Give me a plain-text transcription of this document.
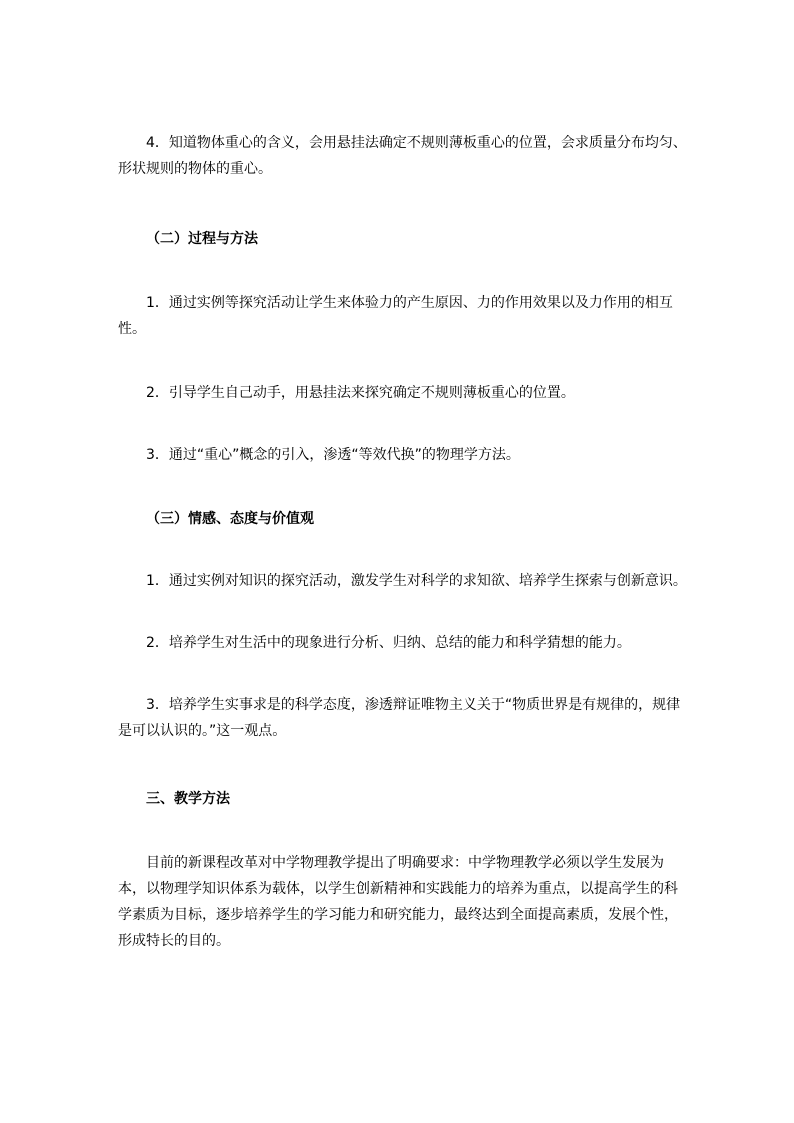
4．知道物体重心的含义，会用悬挂法确定不规则薄板重心的位置，会求质量分布均匀、形状规则的物体的重心。

（二）过程与方法

1．通过实例等探究活动让学生来体验力的产生原因、力的作用效果以及力作用的相互性。

2．引导学生自己动手，用悬挂法来探究确定不规则薄板重心的位置。

3．通过“重心”概念的引入，渗透“等效代换”的物理学方法。

（三）情感、态度与价值观

1．通过实例对知识的探究活动，激发学生对科学的求知欲、培养学生探索与创新意识。

2．培养学生对生活中的现象进行分析、归纳、总结的能力和科学猜想的能力。

3．培养学生实事求是的科学态度，渗透辩证唯物主义关于“物质世界是有规律的，规律是可以认识的。”这一观点。

三、教学方法

目前的新课程改革对中学物理教学提出了明确要求：中学物理教学必须以学生发展为本，以物理学知识体系为载体，以学生创新精神和实践能力的培养为重点，以提高学生的科学素质为目标，逐步培养学生的学习能力和研究能力，最终达到全面提高素质，发展个性，形成特长的目的。
